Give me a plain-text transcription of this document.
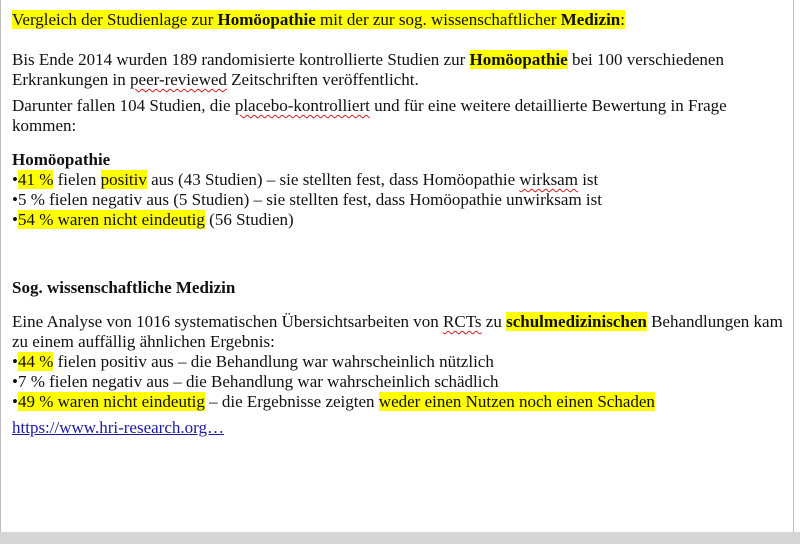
Vergleich der Studienlage zur Homöopathie mit der zur sog. wissenschaftlicher Medizin:

Bis Ende 2014 wurden 189 randomisierte kontrollierte Studien zur Homöopathie bei 100 verschiedenen Erkrankungen in peer-reviewed Zeitschriften veröffentlicht.

Darunter fallen 104 Studien, die placebo-kontrolliert und für eine weitere detaillierte Bewertung in Frage kommen:

Homöopathie

•41 % fielen positiv aus (43 Studien) – sie stellten fest, dass Homöopathie wirksam ist

•5 % fielen negativ aus (5 Studien) – sie stellten fest, dass Homöopathie unwirksam ist

•54 % waren nicht eindeutig (56 Studien)

Sog. wissenschaftliche Medizin

Eine Analyse von 1016 systematischen Übersichtsarbeiten von RCTs zu schulmedizinischen Behandlungen kam zu einem auffällig ähnlichen Ergebnis:

•44 % fielen positiv aus – die Behandlung war wahrscheinlich nützlich

•7 % fielen negativ aus – die Behandlung war wahrscheinlich schädlich

•49 % waren nicht eindeutig – die Ergebnisse zeigten weder einen Nutzen noch einen Schaden

https://www.hri-research.org…
